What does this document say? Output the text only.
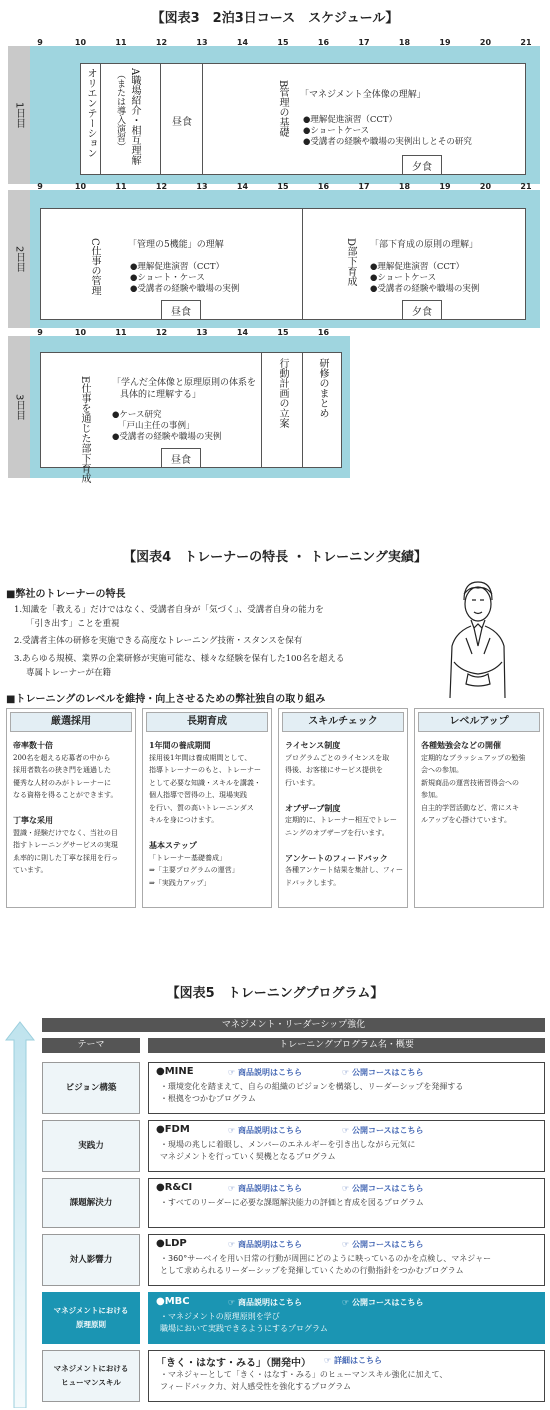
【図表3　2泊3日コース　スケジュール】
1日目
9	10	11	12	13	14	15	16	17	18	19	20	21
オリエンテーション	A職場紹介・相互理解
（または導入演習）	昼食	B管理の基礎 「マネジメント全体像の理解」
●理解促進演習（CCT）
●ショートケース
●受講者の経験や職場の実例出しとその研究
夕食
2日目
9	10	11	12	13	14	15	16	17	18	19	20	21
C仕事の管理	「管理の5機能」の理解
●理解促進演習（CCT）
●ショート・ケース
●受講者の経験や職場の実例
昼食
D部下育成 「部下育成の原則の理解」
●理解促進演習（CCT）
●ショートケース
●受講者の経験や職場の実例
夕食
3日目
9	10	11	12	13	14	15	16
E仕事を通じた部下育成 「学んだ全体像と原理原則の体系を
具体的に理解する」
●ケース研究
「戸山主任の事例」
●受講者の経験や職場の実例
昼食
行動計画の立案	研修のまとめ
【図表4　トレーナーの特長 ・ トレーニング実績】
■弊社のトレーナーの特長
1.知識を「教える」だけではなく、受講者自身が「気づく」、受講者自身の能力を
「引き出す」ことを重視
2.受講者主体の研修を実施できる高度なトレーニング技術・スタンスを保有
3.あらゆる規模、業界の企業研修が実施可能な、様々な経験を保有した100名を超える
専属トレーナーが在籍
■トレーニングのレベルを維持・向上させるための弊社独自の取り組み
厳選採用
帝率数十倍
200名を超える応募者の中から
採用者数名の狭き門を通過した
優秀な人材のみがトレーナーに
なる資格を得ることができます。

丁寧な采用
盟識・経験だけでなく、当社の目
指すトレーニングサービスの実現
ゑ率的に則した丁寧な採用を行っ
ています。
長期育成
1年間の養成期間
採用後1年間は養成期間として、
指導トレーナーのもと、トレーナー
として必要な知識・スキルを講義・
個人指導で習得の上、現場実践
を行い、質の高いトレーニンダス
キルを身につけます。

基本ステップ
「トレーナー基礎養成」
⇒「主要プログラムの運営」
⇒「実践力アップ」
スキルチェック
ライセンス制度
プログラムごとのライセンスを取
得後、お客様にサービス提供を
行います。

オブザーブ制度
定期的に、トレーナー相互でトレー
ニングのオブザーブを行います。

アンケートのフィードバック
各種アンケート結果を集計し、フィー
ドバックします。
レベルアップ
各種勉強会などの開催
定期的なブラッシュアップの勉強
会への参加。
新規商品の運営技術習得会への
参加。
自主的学習活動など、常にスキ
ルアップを心掛けています。
【図表5　トレーニングプログラム】
マネジメント・リーダーシップ強化
テーマ	トレーニングプログラム名・概要
ビジョン構築
●MINE	☞ 商品説明はこちら	☞ 公開コースはこちら
・環境変化を踏まえて、自らの組織のビジョンを構築し、リーダーシップを発揮する
・根拠をつかむプログラム
実践力
●FDM	☞ 商品説明はこちら	☞ 公開コースはこちら
・現場の兆しに着眼し、メンバーのエネルギーを引き出しながら元気に
マネジメントを行っていく契機となるプログラム
課題解決力
●R&CI	☞ 商品説明はこちら	☞ 公開コースはこちら
・すべてのリーダーに必要な課題解決能力の評価と育成を図るプログラム
対人影響力
●LDP	☞ 商品説明はこちら	☞ 公開コースはこちら
・360°サーベイを用い日常の行動が周囲にどのように映っているのかを点検し、マネジャー
として求められるリーダーシップを発揮していくための行動指針をつかむプログラム
マネジメントにおける
原理原則
●MBC	☞ 商品説明はこちら	☞ 公開コースはこちら
・マネジメントの原理原則を学び
職場において実践できるようにするプログラム
マネジメントにおける
ヒューマンスキル
「きく・はなす・みる」（開発中） ☞ 詳細はこちら
・マネジャーとして「きく・はなす・みる」のヒューマンスキル強化に加えて、
フィードバック力、対人感受性を強化するプログラム
